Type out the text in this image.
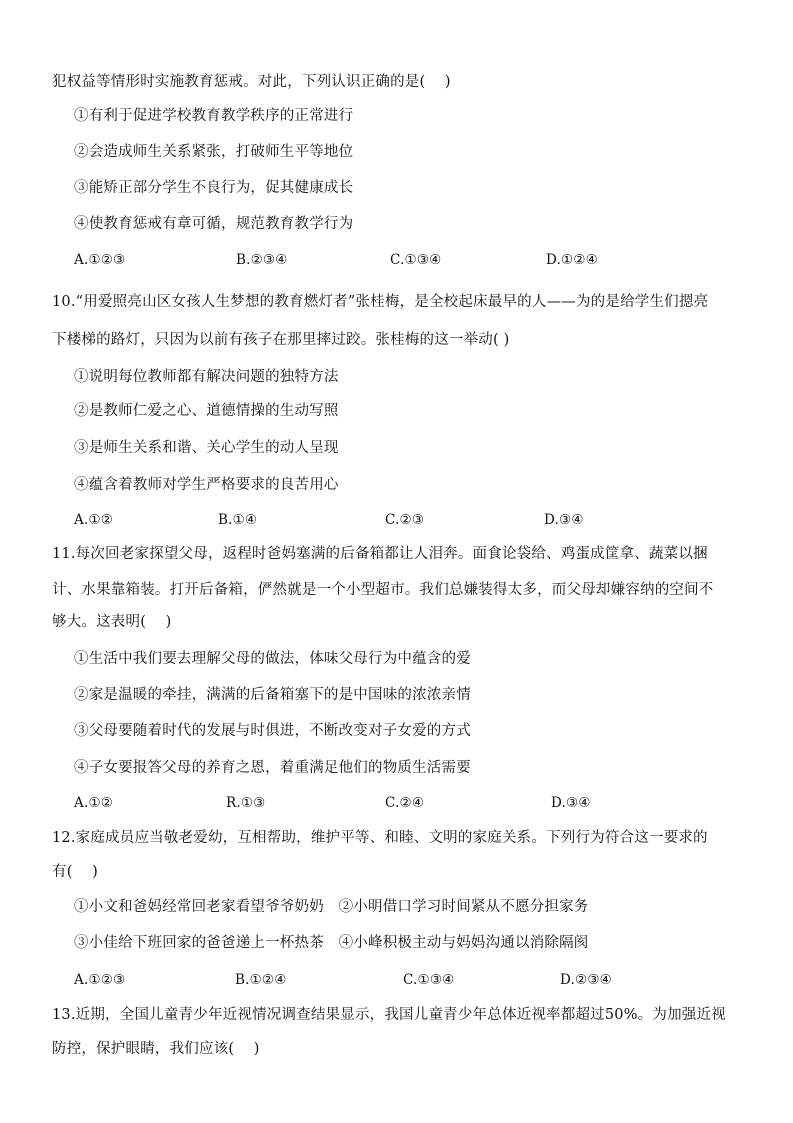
犯权益等情形时实施教育惩戒。对此，下列认识正确的是(　 )
①有利于促进学校教育教学秩序的正常进行
②会造成师生关系紧张，打破师生平等地位
③能矫正部分学生不良行为，促其健康成长
④使教育惩戒有章可循，规范教育教学行为
A.①②③	B.②③④	C.①③④	D.①②④
10.“用爱照亮山区女孩人生梦想的教育燃灯者”张桂梅，是全校起床最早的人——为的是给学生们摁亮
下楼梯的路灯，只因为以前有孩子在那里摔过跤。张桂梅的这一举动( )
①说明每位教师都有解决问题的独特方法
②是教师仁爱之心、道德情操的生动写照
③是师生关系和谐、关心学生的动人呈现
④蕴含着教师对学生严格要求的良苦用心
A.①②	B.①④	C.②③	D.③④
11.每次回老家探望父母，返程时爸妈塞满的后备箱都让人泪奔。面食论袋给、鸡蛋成筐拿、蔬菜以捆
计、水果靠箱装。打开后备箱，俨然就是一个小型超市。我们总嫌装得太多，而父母却嫌容纳的空间不
够大。这表明(　 )
①生活中我们要去理解父母的做法，体味父母行为中蕴含的爱
②家是温暖的牵挂，满满的后备箱塞下的是中国味的浓浓亲情
③父母要随着时代的发展与时俱进，不断改变对子女爱的方式
④子女要报答父母的养育之恩，着重满足他们的物质生活需要
A.①②	R.①③	C.②④	D.③④
12.家庭成员应当敬老爱幼，互相帮助，维护平等、和睦、文明的家庭关系。下列行为符合这一要求的
有(　 )
①小文和爸妈经常回老家看望爷爷奶奶　②小明借口学习时间紧从不愿分担家务
③小佳给下班回家的爸爸递上一杯热茶　④小峰积极主动与妈妈沟通以消除隔阂
A.①②③	B.①②④	C.①③④	D.②③④
13.近期，全国儿童青少年近视情况调查结果显示，我国儿童青少年总体近视率都超过50%。为加强近视
防控，保护眼睛，我们应该(　 )
